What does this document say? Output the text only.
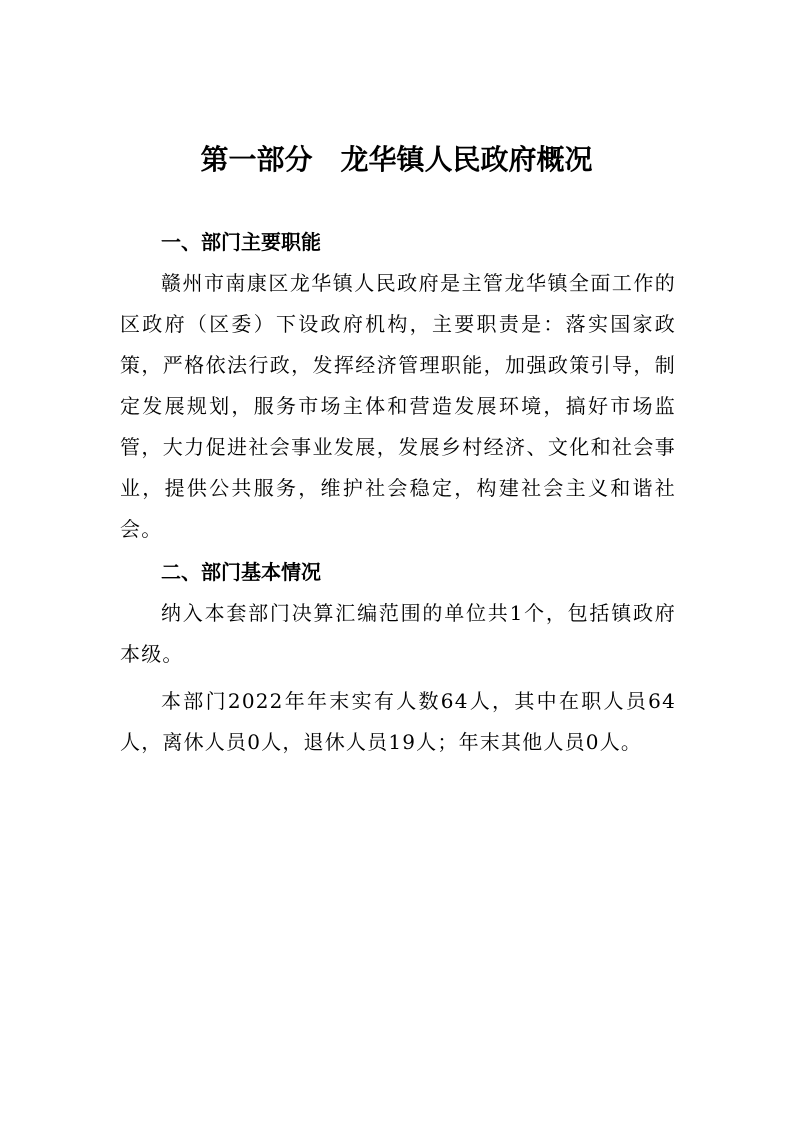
第一部分　龙华镇人民政府概况

一、部门主要职能

赣州市南康区龙华镇人民政府是主管龙华镇全面工作的区政府（区委）下设政府机构，主要职责是：落实国家政策，严格依法行政，发挥经济管理职能，加强政策引导，制定发展规划，服务市场主体和营造发展环境，搞好市场监管，大力促进社会事业发展，发展乡村经济、文化和社会事业，提供公共服务，维护社会稳定，构建社会主义和谐社会。

二、部门基本情况

纳入本套部门决算汇编范围的单位共1个，包括镇政府本级。

本部门2022年年末实有人数64人，其中在职人员64人，离休人员0人，退休人员19人；年末其他人员0人。
